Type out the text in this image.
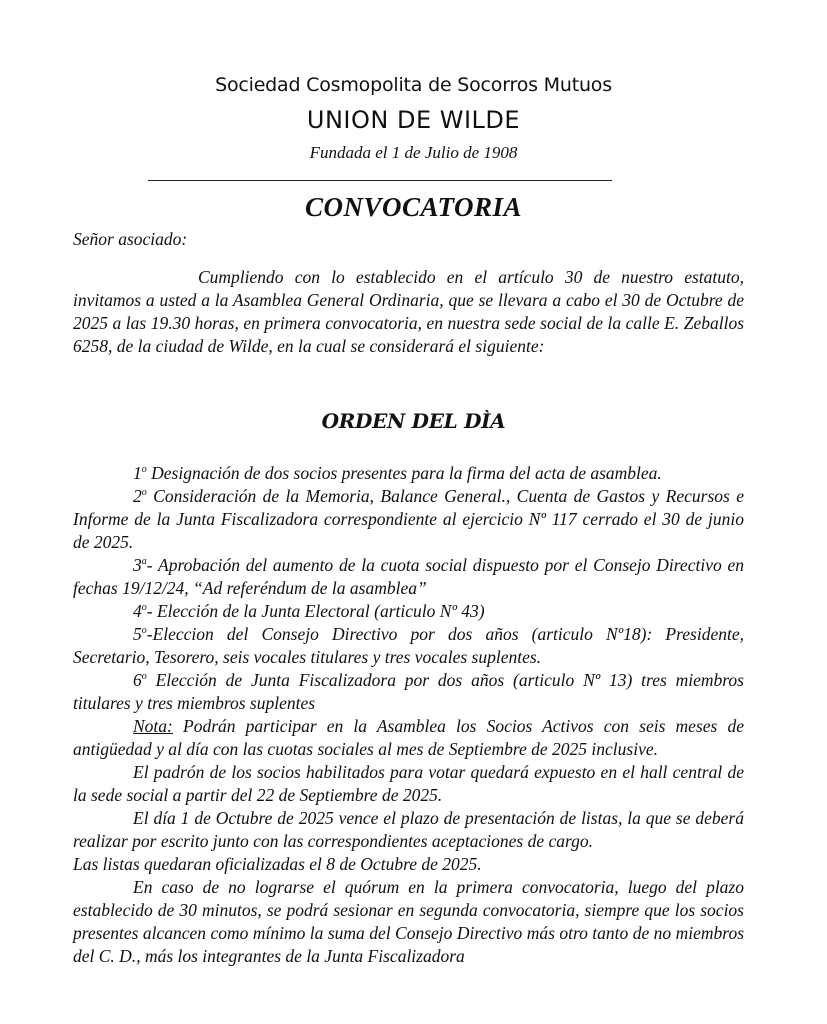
Sociedad Cosmopolita de Socorros Mutuos
UNION DE WILDE
Fundada el 1 de Julio de 1908
CONVOCATORIA
Señor asociado:

Cumpliendo con lo establecido en el artículo 30 de nuestro estatuto, invitamos a usted a la Asamblea General Ordinaria, que se llevara a cabo el 30 de Octubre de 2025 a las 19.30 horas, en primera convocatoria, en nuestra sede social de la calle E. Zeballos 6258, de la ciudad de Wilde, en la cual se considerará el siguiente:

ORDEN DEL DÌA

1$^o$ Designación de dos socios presentes para la firma del acta de asamblea.

2$^o$ Consideración de la Memoria, Balance General., Cuenta de Gastos y Recursos e Informe de la Junta Fiscalizadora correspondiente al ejercicio Nº 117 cerrado el 30 de junio de 2025.

3$^a$- Aprobación del aumento de la cuota social dispuesto por el Consejo Directivo en fechas 19/12/24, “Ad referéndum de la asamblea”

4$^o$- Elección de la Junta Electoral (articulo Nº 43)

5$^o$-Eleccion del Consejo Directivo por dos años (articulo Nº18): Presidente, Secretario, Tesorero, seis vocales titulares y tres vocales suplentes.

6$^o$ Elección de Junta Fiscalizadora por dos años (articulo Nº 13) tres miembros titulares y tres miembros suplentes

Nota: Podrán participar en la Asamblea los Socios Activos con seis meses de antigüedad y al día con las cuotas sociales al mes de Septiembre de 2025 inclusive.

El padrón de los socios habilitados para votar quedará expuesto en el hall central de la sede social a partir del 22 de Septiembre de 2025.

El día 1 de Octubre de 2025 vence el plazo de presentación de listas, la que se deberá realizar por escrito junto con las correspondientes aceptaciones de cargo.

Las listas quedaran oficializadas el 8 de Octubre de 2025.

En caso de no lograrse el quórum en la primera convocatoria, luego del plazo establecido de 30 minutos, se podrá sesionar en segunda convocatoria, siempre que los socios presentes alcancen como mínimo la suma del Consejo Directivo más otro tanto de no miembros del C. D., más los integrantes de la Junta Fiscalizadora
